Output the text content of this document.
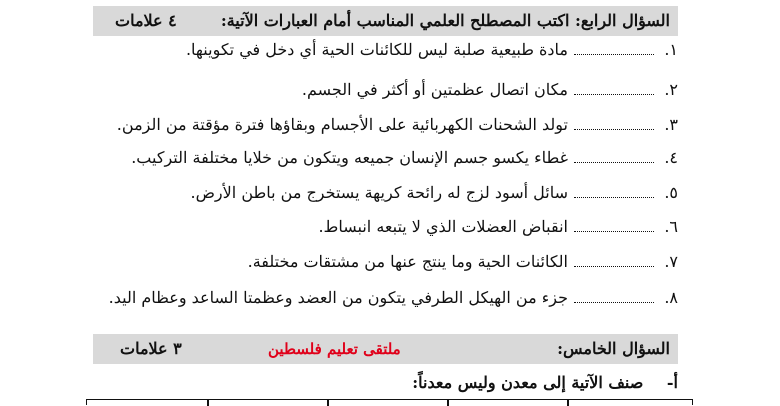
السؤال الرابع: اكتب المصطلح العلمي المناسب أمام العبارات الآتية:
٤ علامات
١.
مادة طبيعية صلبة ليس للكائنات الحية أي دخل في تكوينها.
٢.
مكان اتصال عظمتين أو أكثر في الجسم.
٣.
تولد الشحنات الكهربائية على الأجسام وبقاؤها فترة مؤقتة من الزمن.
٤.
غطاء يكسو جسم الإنسان جميعه ويتكون من خلايا مختلفة التركيب.
٥.
سائل أسود لزج له رائحة كريهة يستخرج من باطن الأرض.
٦.
انقباض العضلات الذي لا يتبعه انبساط.
٧.
الكائنات الحية وما ينتج عنها من مشتقات مختلفة.
٨.
جزء من الهيكل الطرفي يتكون من العضد وعظمتا الساعد وعظام اليد.
السؤال الخامس:
ملتقى تعليم فلسطين
٣ علامات
أ- صنف الآتية إلى معدن وليس معدناً:
